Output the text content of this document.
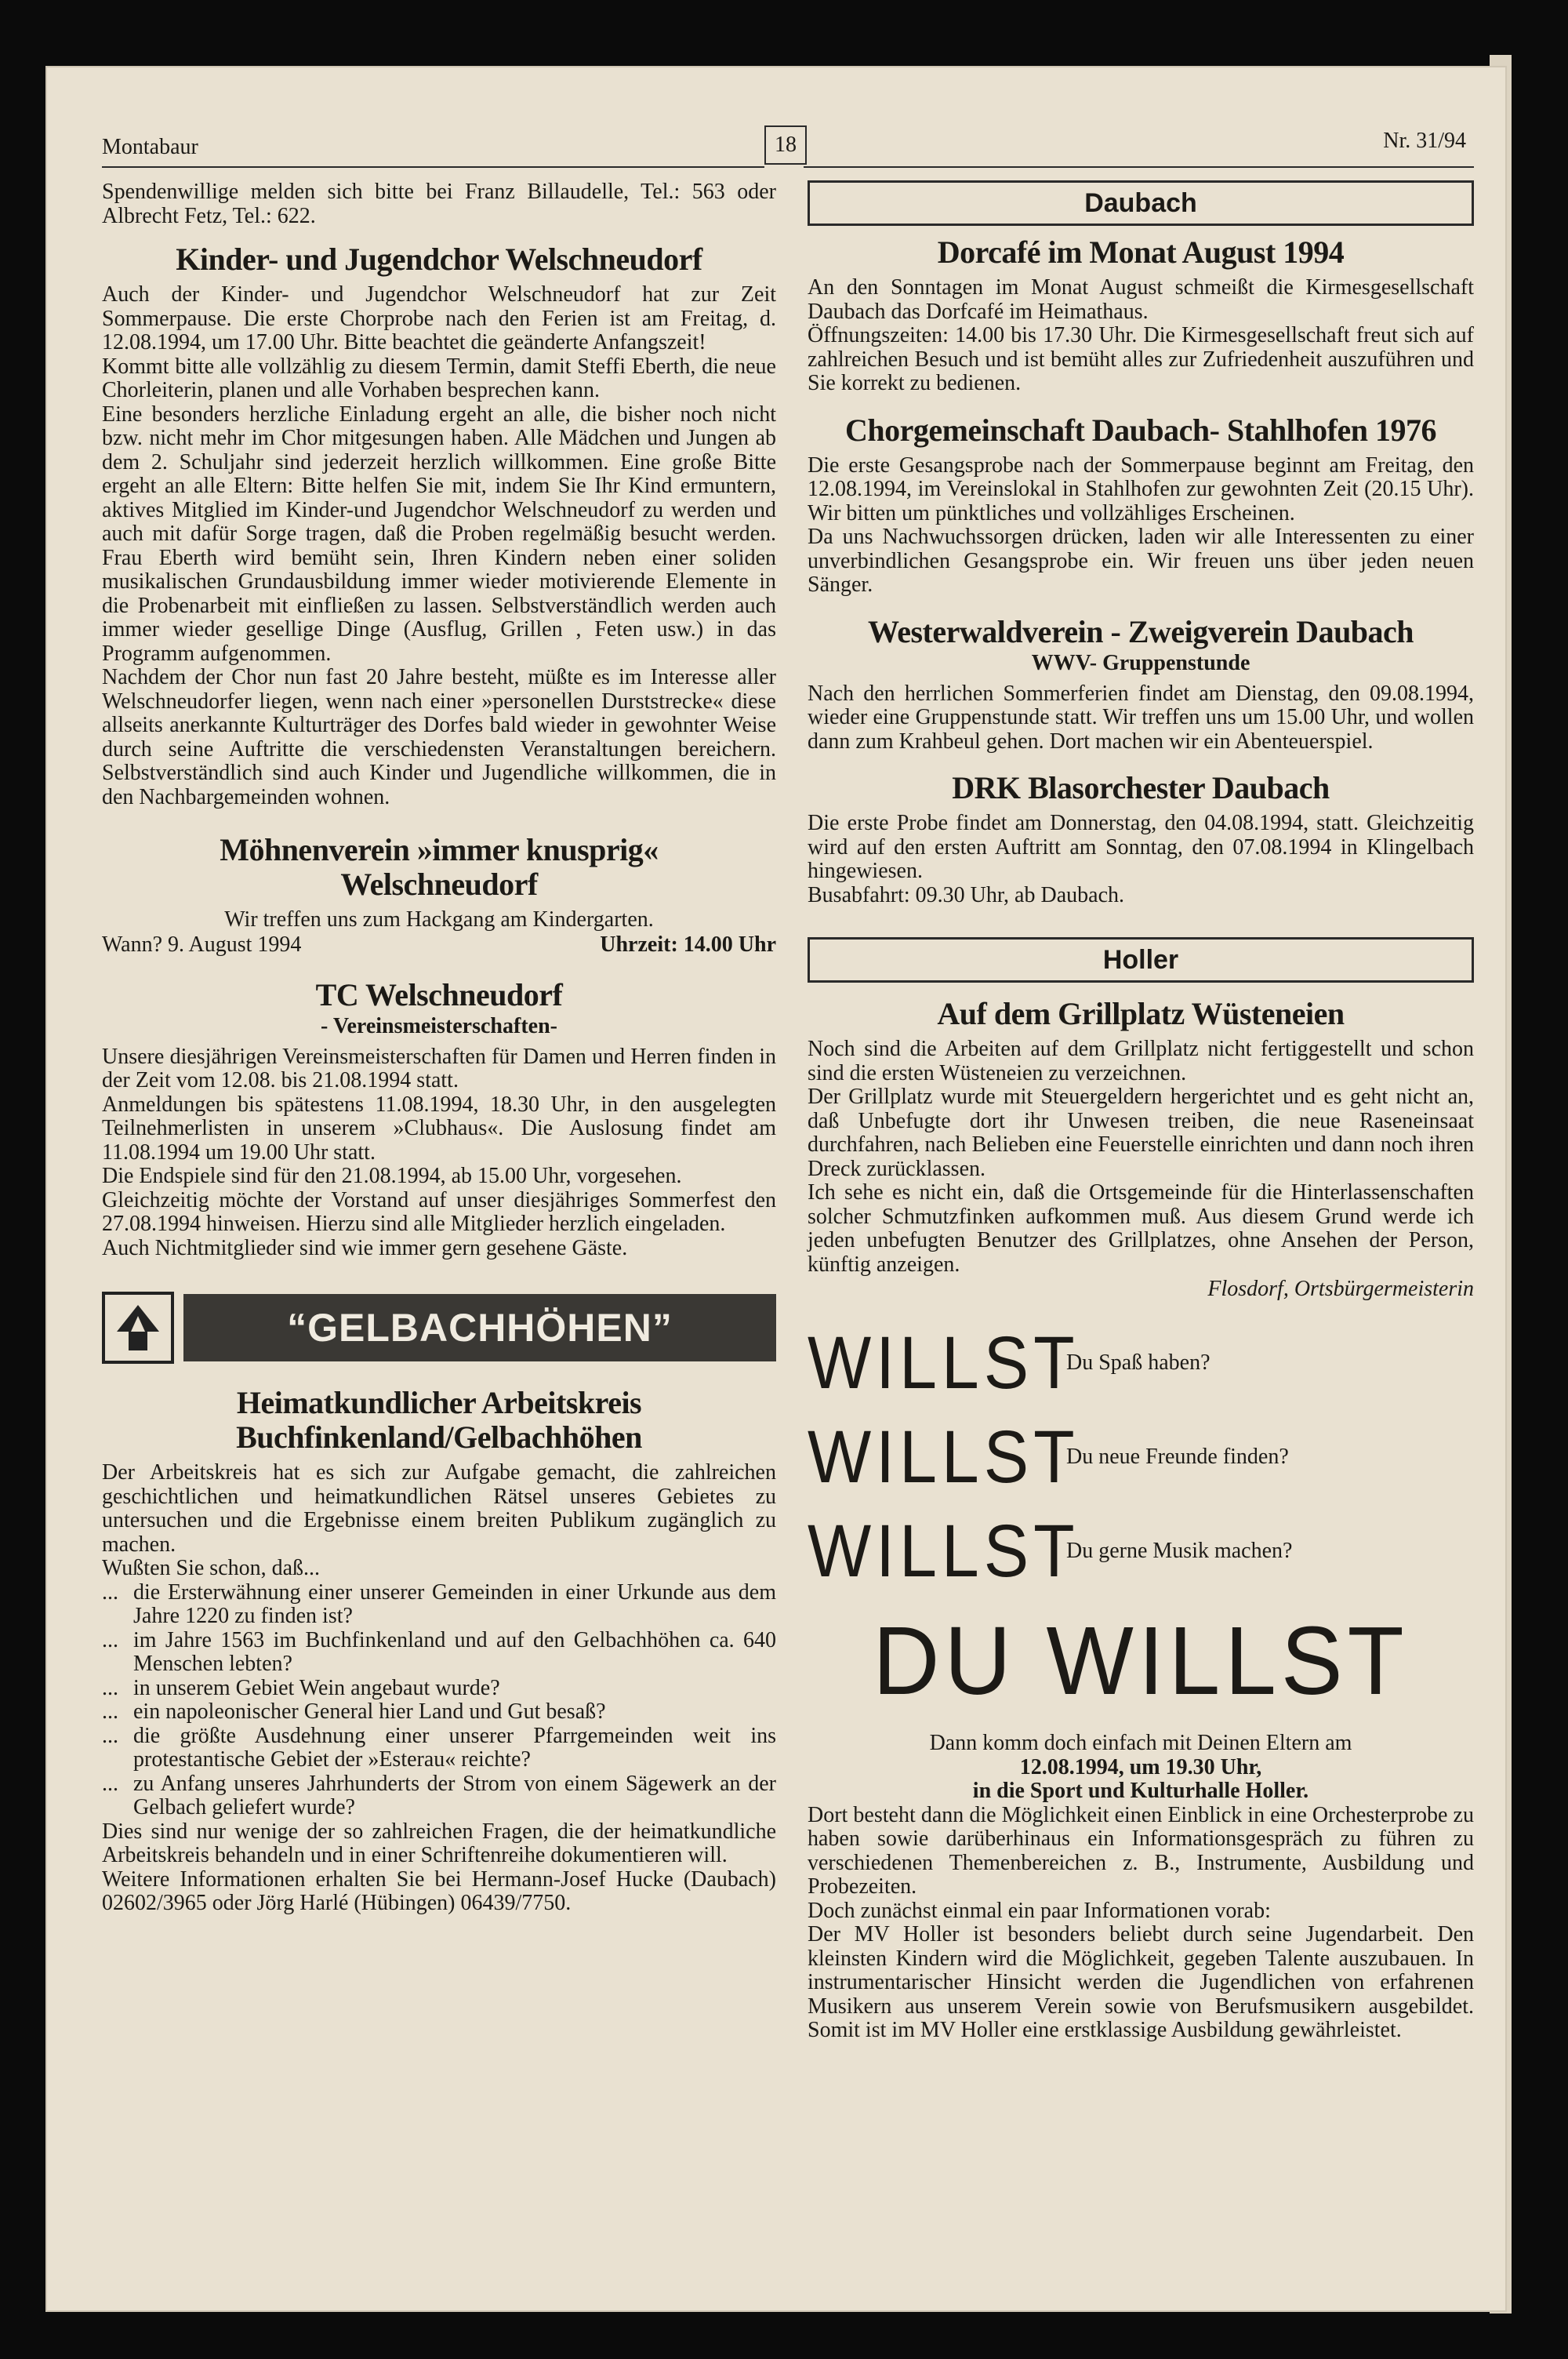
Montabaur	18	Nr. 31/94

Spendenwillige melden sich bitte bei Franz Billaudelle, Tel.: 563 oder Albrecht Fetz, Tel.: 622.

Kinder- und Jugendchor Welschneudorf

Auch der Kinder- und Jugendchor Welschneudorf hat zur Zeit Sommerpause. Die erste Chorprobe nach den Ferien ist am Freitag, d. 12.08.1994, um 17.00 Uhr. Bitte beachtet die geänderte Anfangszeit!

Kommt bitte alle vollzählig zu diesem Termin, damit Steffi Eberth, die neue Chorleiterin, planen und alle Vorhaben besprechen kann.

Eine besonders herzliche Einladung ergeht an alle, die bisher noch nicht bzw. nicht mehr im Chor mitgesungen haben. Alle Mädchen und Jungen ab dem 2. Schuljahr sind jederzeit herzlich willkommen. Eine große Bitte ergeht an alle Eltern: Bitte helfen Sie mit, indem Sie Ihr Kind ermuntern, aktives Mitglied im Kinder-und Jugendchor Welschneudorf zu werden und auch mit dafür Sorge tragen, daß die Proben regelmäßig besucht werden. Frau Eberth wird bemüht sein, Ihren Kindern neben einer soliden musikalischen Grundausbildung immer wieder motivierende Elemente in die Probenarbeit mit einfließen zu lassen. Selbstverständlich werden auch immer wieder gesellige Dinge (Ausflug, Grillen , Feten usw.) in das Programm aufgenommen.

Nachdem der Chor nun fast 20 Jahre besteht, müßte es im Interesse aller Welschneudorfer liegen, wenn nach einer »personellen Durststrecke« diese allseits anerkannte Kulturträger des Dorfes bald wieder in gewohnter Weise durch seine Auftritte die verschiedensten Veranstaltungen bereichern. Selbstverständlich sind auch Kinder und Jugendliche willkommen, die in den Nachbargemeinden wohnen.

Möhnenverein »immer knusprig«
Welschneudorf

Wir treffen uns zum Hackgang am Kindergarten.

Wann? 9. August 1994	Uhrzeit: 14.00 Uhr
TC Welschneudorf
- Vereinsmeisterschaften-

Unsere diesjährigen Vereinsmeisterschaften für Damen und Herren finden in der Zeit vom 12.08. bis 21.08.1994 statt.

Anmeldungen bis spätestens 11.08.1994, 18.30 Uhr, in den ausgelegten Teilnehmerlisten in unserem »Clubhaus«. Die Auslosung findet am 11.08.1994 um 19.00 Uhr statt.

Die Endspiele sind für den 21.08.1994, ab 15.00 Uhr, vorgesehen.

Gleichzeitig möchte der Vorstand auf unser diesjähriges Sommerfest den 27.08.1994 hinweisen. Hierzu sind alle Mitglieder herzlich eingeladen.

Auch Nichtmitglieder sind wie immer gern gesehene Gäste.

“GELBACHHÖHEN”
Heimatkundlicher Arbeitskreis
Buchfinkenland/Gelbachhöhen

Der Arbeitskreis hat es sich zur Aufgabe gemacht, die zahlreichen geschichtlichen und heimatkundlichen Rätsel unseres Gebietes zu untersuchen und die Ergebnisse einem breiten Publikum zugänglich zu machen.

Wußten Sie schon, daß...

... die Ersterwähnung einer unserer Gemeinden in einer Urkunde aus dem Jahre 1220 zu finden ist?
... im Jahre 1563 im Buchfinkenland und auf den Gelbachhöhen ca. 640 Menschen lebten?
... in unserem Gebiet Wein angebaut wurde?
... ein napoleonischer General hier Land und Gut besaß?
... die größte Ausdehnung einer unserer Pfarrgemeinden weit ins protestantische Gebiet der »Esterau« reichte?
... zu Anfang unseres Jahrhunderts der Strom von einem Sägewerk an der Gelbach geliefert wurde?

Dies sind nur wenige der so zahlreichen Fragen, die der heimatkundliche Arbeitskreis behandeln und in einer Schriftenreihe dokumentieren will.

Weitere Informationen erhalten Sie bei Hermann-Josef Hucke (Daubach) 02602/3965 oder Jörg Harlé (Hübingen) 06439/7750.

Daubach
Dorcafé im Monat August 1994

An den Sonntagen im Monat August schmeißt die Kirmesgesellschaft Daubach das Dorfcafé im Heimathaus.

Öffnungszeiten: 14.00 bis 17.30 Uhr. Die Kirmesgesellschaft freut sich auf zahlreichen Besuch und ist bemüht alles zur Zufriedenheit auszuführen und Sie korrekt zu bedienen.

Chorgemeinschaft Daubach- Stahlhofen 1976

Die erste Gesangsprobe nach der Sommerpause beginnt am Freitag, den 12.08.1994, im Vereinslokal in Stahlhofen zur gewohnten Zeit (20.15 Uhr). Wir bitten um pünktliches und vollzähliges Erscheinen.

Da uns Nachwuchssorgen drücken, laden wir alle Interessenten zu einer unverbindlichen Gesangsprobe ein. Wir freuen uns über jeden neuen Sänger.

Westerwaldverein - Zweigverein Daubach
WWV- Gruppenstunde

Nach den herrlichen Sommerferien findet am Dienstag, den 09.08.1994, wieder eine Gruppenstunde statt. Wir treffen uns um 15.00 Uhr, und wollen dann zum Krahbeul gehen. Dort machen wir ein Abenteuerspiel.

DRK Blasorchester Daubach

Die erste Probe findet am Donnerstag, den 04.08.1994, statt. Gleichzeitig wird auf den ersten Auftritt am Sonntag, den 07.08.1994 in Klingelbach hingewiesen.

Busabfahrt: 09.30 Uhr, ab Daubach.

Holler
Auf dem Grillplatz Wüsteneien

Noch sind die Arbeiten auf dem Grillplatz nicht fertiggestellt und schon sind die ersten Wüsteneien zu verzeichnen.

Der Grillplatz wurde mit Steuergeldern hergerichtet und es geht nicht an, daß Unbefugte dort ihr Unwesen treiben, die neue Raseneinsaat durchfahren, nach Belieben eine Feuerstelle einrichten und dann noch ihren Dreck zurücklassen.

Ich sehe es nicht ein, daß die Ortsgemeinde für die Hinterlassenschaften solcher Schmutzfinken aufkommen muß. Aus diesem Grund werde ich jeden unbefugten Benutzer des Grillplatzes, ohne Ansehen der Person, künftig anzeigen.

Flosdorf, Ortsbürgermeisterin
WILLST
Du Spaß haben?
WILLST
Du neue Freunde finden?
WILLST
Du gerne Musik machen?
DU WILLST

Dann komm doch einfach mit Deinen Eltern am

12.08.1994, um 19.30 Uhr,

in die Sport und Kulturhalle Holler.

Dort besteht dann die Möglichkeit einen Einblick in eine Orchesterprobe zu haben sowie darüberhinaus ein Informationsgespräch zu führen zu verschiedenen Themenbereichen z. B., Instrumente, Ausbildung und Probezeiten.

Doch zunächst einmal ein paar Informationen vorab:

Der MV Holler ist besonders beliebt durch seine Jugendarbeit. Den kleinsten Kindern wird die Möglichkeit, gegeben Talente auszubauen. In instrumentarischer Hinsicht werden die Jugendlichen von erfahrenen Musikern aus unserem Verein sowie von Berufsmusikern ausgebildet. Somit ist im MV Holler eine erstklassige Ausbildung gewährleistet.
